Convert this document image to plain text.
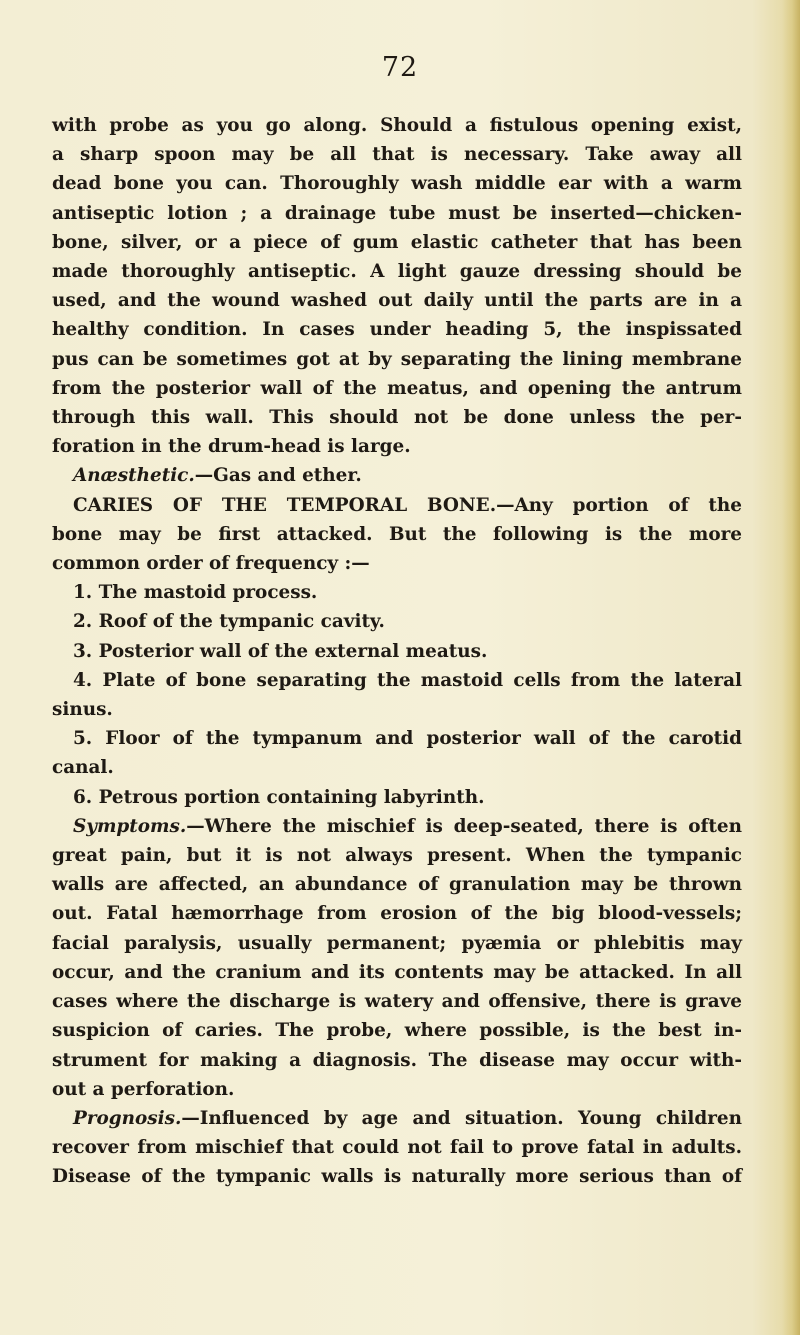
72
with probe as you go along. Should a fistulous opening exist,
a sharp spoon may be all that is necessary. Take away all
dead bone you can. Thoroughly wash middle ear with a warm
antiseptic lotion ; a drainage tube must be inserted—chicken-
bone, silver, or a piece of gum elastic catheter that has been
made thoroughly antiseptic. A light gauze dressing should be
used, and the wound washed out daily until the parts are in a
healthy condition. In cases under heading 5, the inspissated
pus can be sometimes got at by separating the lining membrane
from the posterior wall of the meatus, and opening the antrum
through this wall. This should not be done unless the per-
foration in the drum-head is large.
Anæsthetic.—Gas and ether.
CARIES OF THE TEMPORAL BONE.—Any portion of the
bone may be first attacked. But the following is the more
common order of frequency :—
1. The mastoid process.
2. Roof of the tympanic cavity.
3. Posterior wall of the external meatus.
4. Plate of bone separating the mastoid cells from the lateral
sinus.
5. Floor of the tympanum and posterior wall of the carotid
canal.
6. Petrous portion containing labyrinth.
Symptoms.—Where the mischief is deep-seated, there is often
great pain, but it is not always present. When the tympanic
walls are affected, an abundance of granulation may be thrown
out. Fatal hæmorrhage from erosion of the big blood-vessels;
facial paralysis, usually permanent; pyæmia or phlebitis may
occur, and the cranium and its contents may be attacked. In all
cases where the discharge is watery and offensive, there is grave
suspicion of caries. The probe, where possible, is the best in-
strument for making a diagnosis. The disease may occur with-
out a perforation.
Prognosis.—Influenced by age and situation. Young children
recover from mischief that could not fail to prove fatal in adults.
Disease of the tympanic walls is naturally more serious than of
